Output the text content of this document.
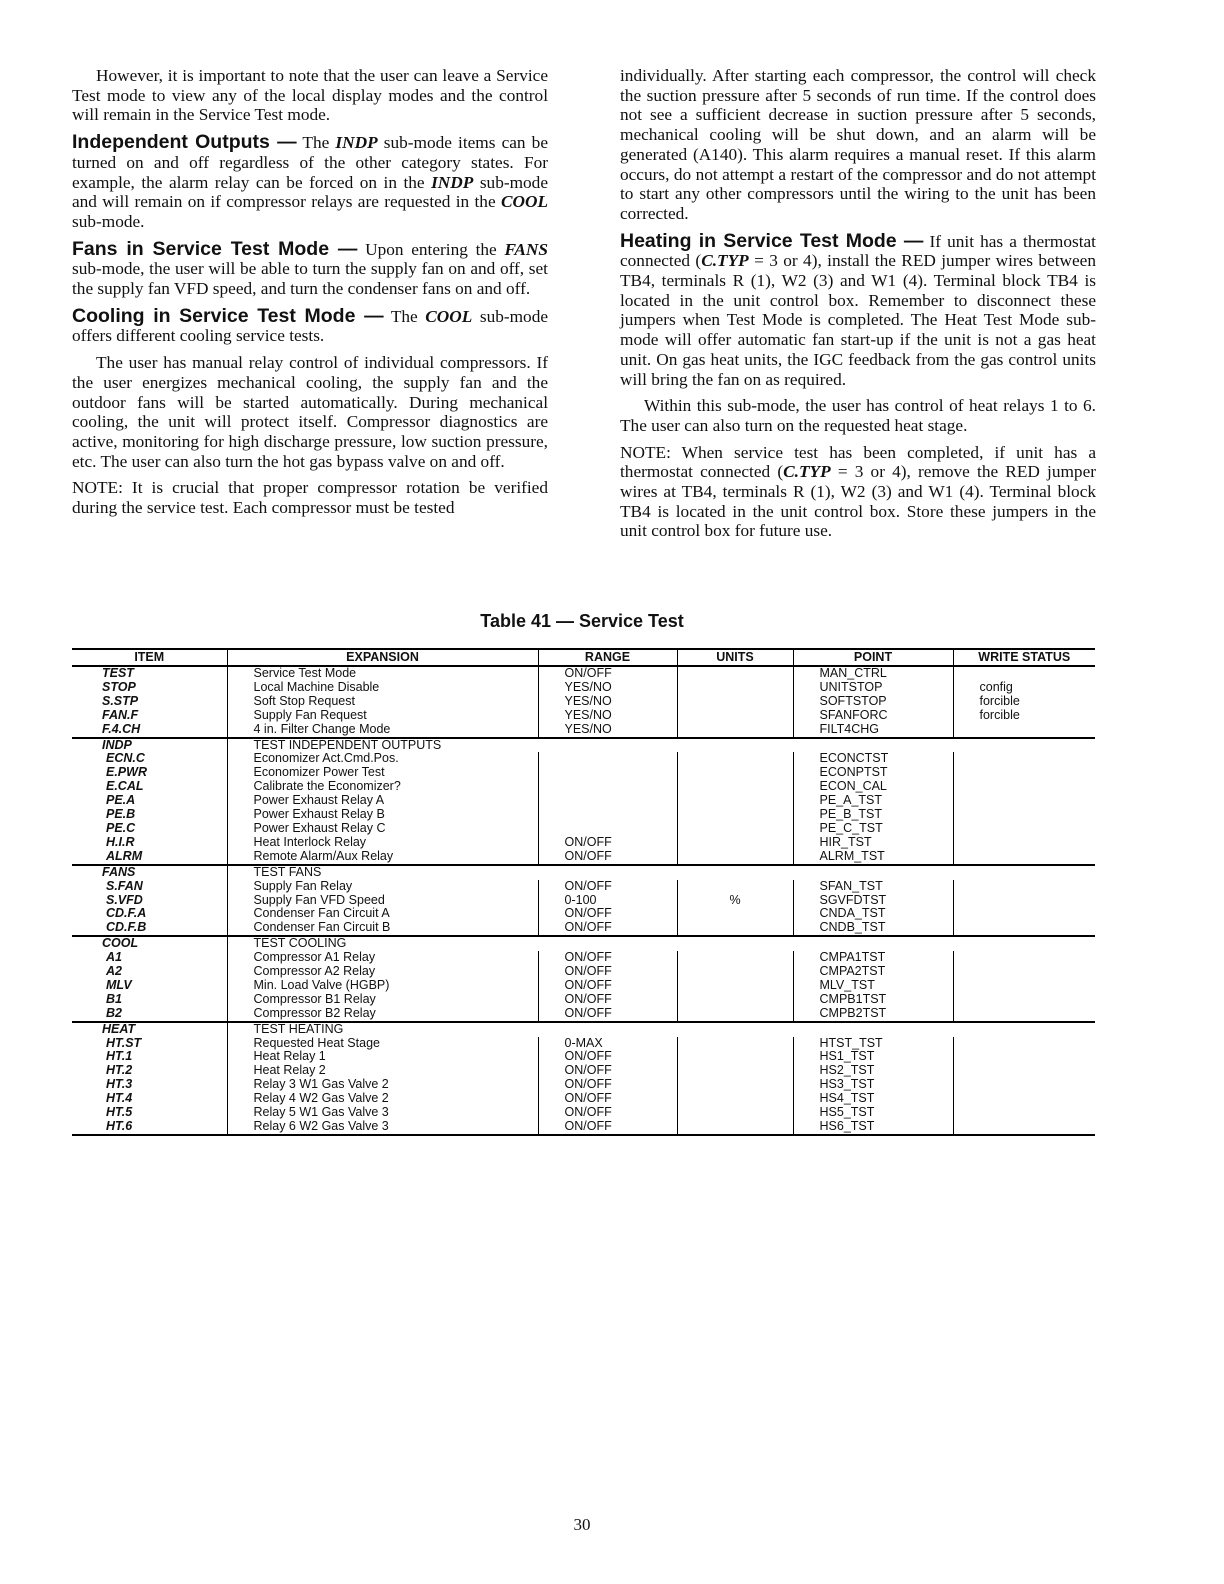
However, it is important to note that the user can leave a Service Test mode to view any of the local display modes and the control will remain in the Service Test mode.

Independent Outputs — The INDP sub-mode items can be turned on and off regardless of the other category states. For example, the alarm relay can be forced on in the INDP sub-mode and will remain on if compressor relays are requested in the COOL sub-mode.

Fans in Service Test Mode — Upon entering the FANS sub-mode, the user will be able to turn the supply fan on and off, set the supply fan VFD speed, and turn the condenser fans on and off.

Cooling in Service Test Mode — The COOL sub-mode offers different cooling service tests.

The user has manual relay control of individual compressors. If the user energizes mechanical cooling, the supply fan and the outdoor fans will be started automatically. During mechanical cooling, the unit will protect itself. Compressor diagnostics are active, monitoring for high discharge pressure, low suction pressure, etc. The user can also turn the hot gas bypass valve on and off.

NOTE: It is crucial that proper compressor rotation be verified during the service test. Each compressor must be tested

individually. After starting each compressor, the control will check the suction pressure after 5 seconds of run time. If the control does not see a sufficient decrease in suction pressure after 5 seconds, mechanical cooling will be shut down, and an alarm will be generated (A140). This alarm requires a manual reset. If this alarm occurs, do not attempt a restart of the compressor and do not attempt to start any other compressors until the wiring to the unit has been corrected.

Heating in Service Test Mode — If unit has a thermostat connected (C.TYP = 3 or 4), install the RED jumper wires between TB4, terminals R (1), W2 (3) and W1 (4). Terminal block TB4 is located in the unit control box. Remember to disconnect these jumpers when Test Mode is completed. The Heat Test Mode sub-mode will offer automatic fan start-up if the unit is not a gas heat unit. On gas heat units, the IGC feedback from the gas control units will bring the fan on as required.

Within this sub-mode, the user has control of heat relays 1 to 6. The user can also turn on the requested heat stage.

NOTE: When service test has been completed, if unit has a thermostat connected (C.TYP = 3 or 4), remove the RED jumper wires at TB4, terminals R (1), W2 (3) and W1 (4). Terminal block TB4 is located in the unit control box. Store these jumpers in the unit control box for future use.

Table 41 — Service Test
ITEM	EXPANSION	RANGE	UNITS	POINT	WRITE STATUS
TEST	Service Test Mode	ON/OFF		MAN_CTRL	
STOP	Local Machine Disable	YES/NO		UNITSTOP	config
S.STP	Soft Stop Request	YES/NO		SOFTSTOP	forcible
FAN.F	Supply Fan Request	YES/NO		SFANFORC	forcible
F.4.CH	4 in. Filter Change Mode	YES/NO		FILT4CHG	
INDP	TEST INDEPENDENT OUTPUTS				
ECN.C	Economizer Act.Cmd.Pos.			ECONCTST	
E.PWR	Economizer Power Test			ECONPTST	
E.CAL	Calibrate the Economizer?			ECON_CAL	
PE.A	Power Exhaust Relay A			PE_A_TST	
PE.B	Power Exhaust Relay B			PE_B_TST	
PE.C	Power Exhaust Relay C			PE_C_TST	
H.I.R	Heat Interlock Relay	ON/OFF		HIR_TST	
ALRM	Remote Alarm/Aux Relay	ON/OFF		ALRM_TST	
FANS	TEST FANS				
S.FAN	Supply Fan Relay	ON/OFF		SFAN_TST	
S.VFD	Supply Fan VFD Speed	0-100	%	SGVFDTST	
CD.F.A	Condenser Fan Circuit A	ON/OFF		CNDA_TST	
CD.F.B	Condenser Fan Circuit B	ON/OFF		CNDB_TST	
COOL	TEST COOLING				
A1	Compressor A1 Relay	ON/OFF		CMPA1TST	
A2	Compressor A2 Relay	ON/OFF		CMPA2TST	
MLV	Min. Load Valve (HGBP)	ON/OFF		MLV_TST	
B1	Compressor B1 Relay	ON/OFF		CMPB1TST	
B2	Compressor B2 Relay	ON/OFF		CMPB2TST	
HEAT	TEST HEATING				
HT.ST	Requested Heat Stage	0-MAX		HTST_TST	
HT.1	Heat Relay 1	ON/OFF		HS1_TST	
HT.2	Heat Relay 2	ON/OFF		HS2_TST	
HT.3	Relay 3 W1 Gas Valve 2	ON/OFF		HS3_TST	
HT.4	Relay 4 W2 Gas Valve 2	ON/OFF		HS4_TST	
HT.5	Relay 5 W1 Gas Valve 3	ON/OFF		HS5_TST	
HT.6	Relay 6 W2 Gas Valve 3	ON/OFF		HS6_TST	
30
